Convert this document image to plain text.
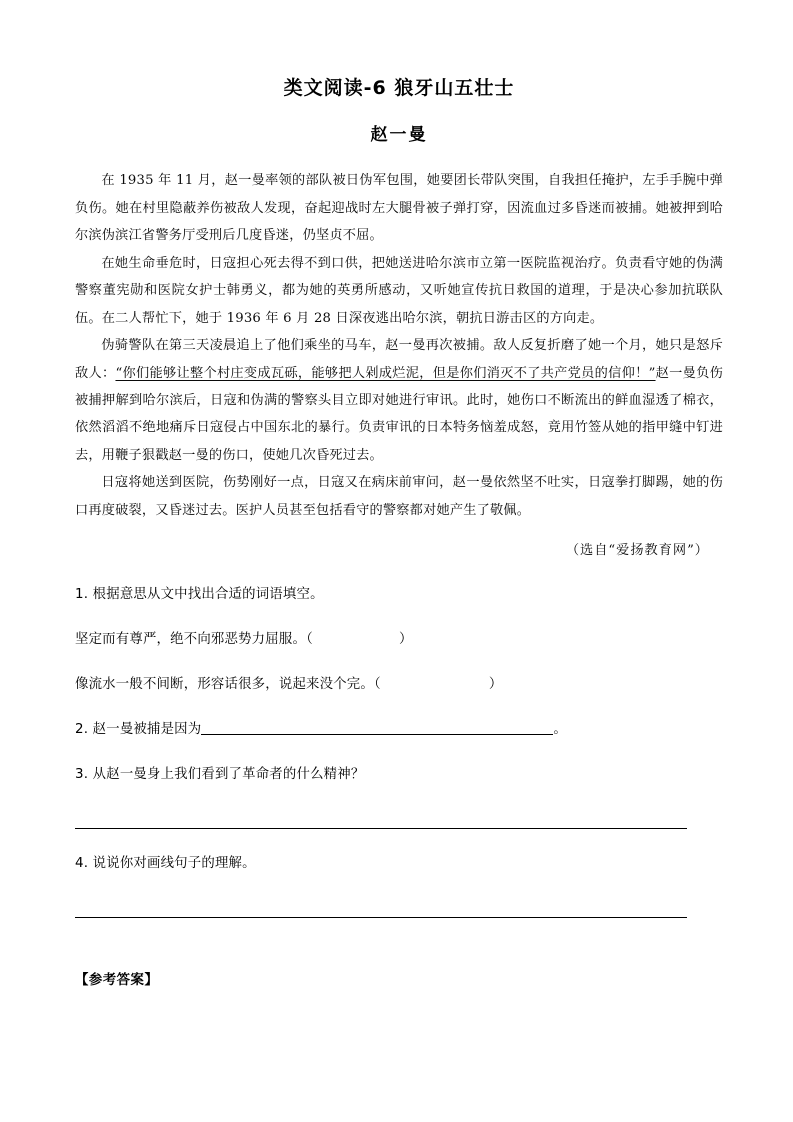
类文阅读-6 狼牙山五壮士
赵一曼

在 1935 年 11 月，赵一曼率领的部队被日伪军包围，她要团长带队突围，自我担任掩护，左手手腕中弹负伤。她在村里隐蔽养伤被敌人发现，奋起迎战时左大腿骨被子弹打穿，因流血过多昏迷而被捕。她被押到哈尔滨伪滨江省警务厅受刑后几度昏迷，仍坚贞不屈。

在她生命垂危时，日寇担心死去得不到口供，把她送进哈尔滨市立第一医院监视治疗。负责看守她的伪满警察董宪勋和医院女护士韩勇义，都为她的英勇所感动，又听她宣传抗日救国的道理，于是决心参加抗联队伍。在二人帮忙下，她于 1936 年 6 月 28 日深夜逃出哈尔滨，朝抗日游击区的方向走。

伪骑警队在第三天凌晨追上了他们乘坐的马车，赵一曼再次被捕。敌人反复折磨了她一个月，她只是怒斥敌人：“你们能够让整个村庄变成瓦砾，能够把人剁成烂泥，但是你们消灭不了共产党员的信仰！”赵一曼负伤被捕押解到哈尔滨后，日寇和伪满的警察头目立即对她进行审讯。此时，她伤口不断流出的鲜血湿透了棉衣，依然滔滔不绝地痛斥日寇侵占中国东北的暴行。负责审讯的日本特务恼羞成怒，竟用竹签从她的指甲缝中钉进去，用鞭子狠戳赵一曼的伤口，使她几次昏死过去。

日寇将她送到医院，伤势刚好一点，日寇又在病床前审问，赵一曼依然坚不吐实，日寇拳打脚踢，她的伤口再度破裂，又昏迷过去。医护人员甚至包括看守的警察都对她产生了敬佩。

（选自“爱扬教育网”）

1. 根据意思从文中找出合适的词语填空。

坚定而有尊严，绝不向邪恶势力屈服。（	）

像流水一般不间断，形容话很多，说起来没个完。（	）

2. 赵一曼被捕是因为	。

3. 从赵一曼身上我们看到了革命者的什么精神？

4. 说说你对画线句子的理解。

【参考答案】
